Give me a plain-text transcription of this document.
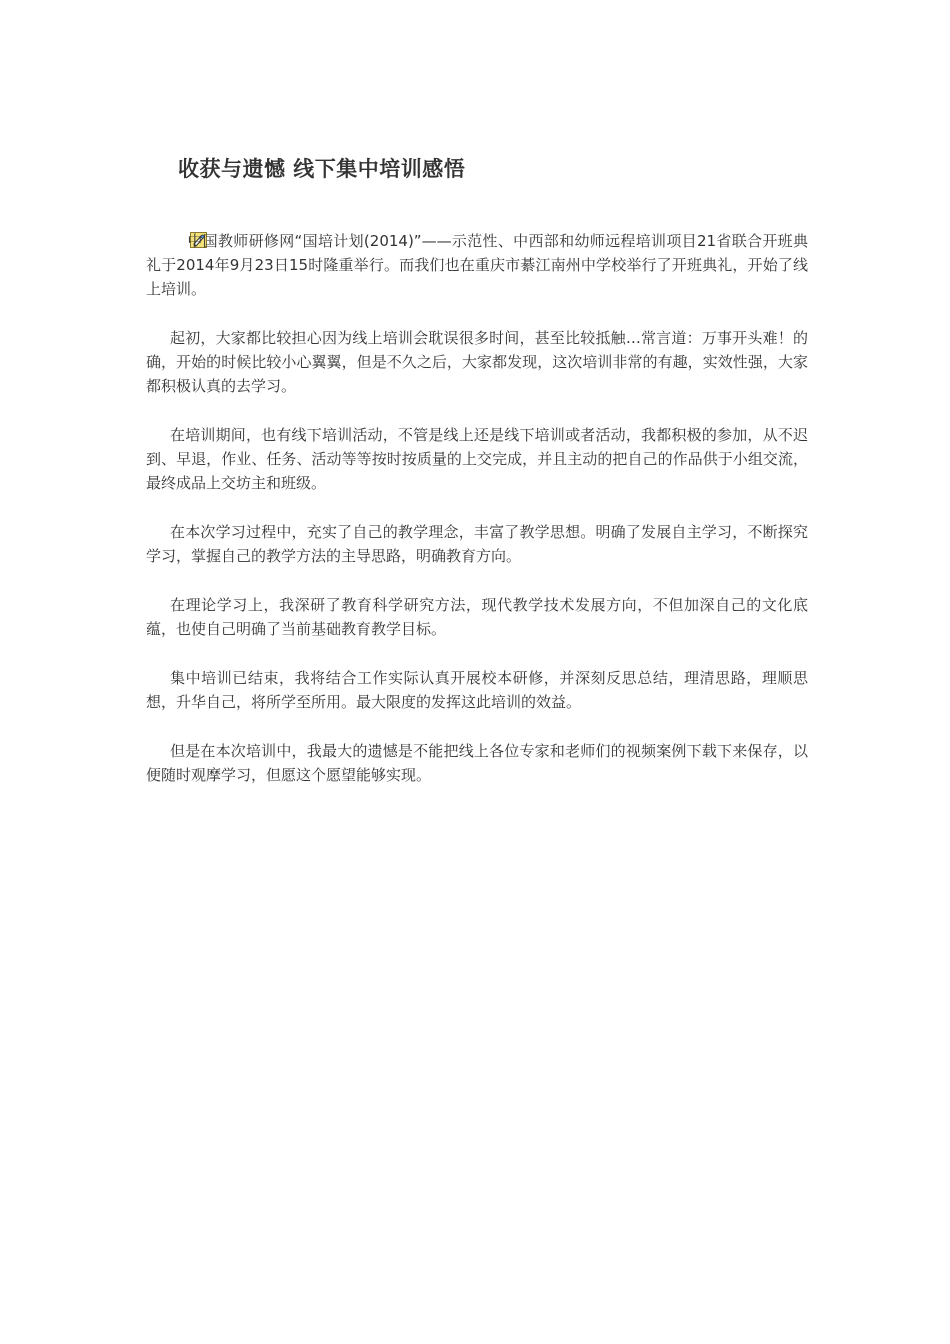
收获与遗憾 线下集中培训感悟

中国教师研修网“国培计划(2014)”——示范性、中西部和幼师远程培训项目21省联合开班典礼于2014年9月23日15时隆重举行。而我们也在重庆市綦江南州中学校举行了开班典礼，开始了线上培训。

起初，大家都比较担心因为线上培训会耽误很多时间，甚至比较抵触…常言道：万事开头难！的确，开始的时候比较小心翼翼，但是不久之后，大家都发现，这次培训非常的有趣，实效性强，大家都积极认真的去学习。

在培训期间，也有线下培训活动，不管是线上还是线下培训或者活动，我都积极的参加，从不迟到、早退，作业、任务、活动等等按时按质量的上交完成，并且主动的把自己的作品供于小组交流，最终成品上交坊主和班级。

在本次学习过程中，充实了自己的教学理念，丰富了教学思想。明确了发展自主学习，不断探究学习，掌握自己的教学方法的主导思路，明确教育方向。

在理论学习上，我深研了教育科学研究方法，现代教学技术发展方向，不但加深自己的文化底蕴，也使自己明确了当前基础教育教学目标。

集中培训已结束，我将结合工作实际认真开展校本研修，并深刻反思总结，理清思路，理顺思想，升华自己，将所学至所用。最大限度的发挥这此培训的效益。

但是在本次培训中，我最大的遗憾是不能把线上各位专家和老师们的视频案例下载下来保存，以便随时观摩学习，但愿这个愿望能够实现。
